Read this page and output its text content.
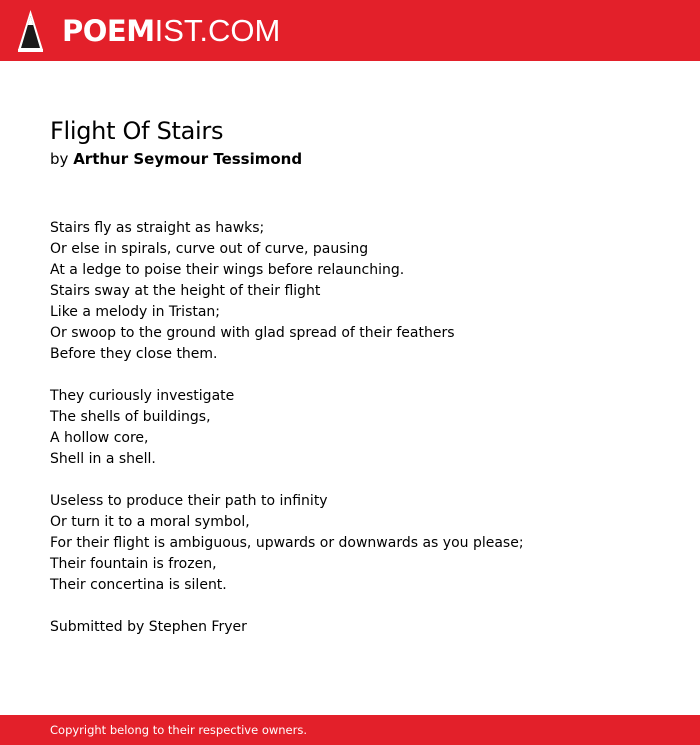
POEMIST.COM
Flight Of Stairs

by Arthur Seymour Tessimond

Stairs fly as straight as hawks;
Or else in spirals, curve out of curve, pausing
At a ledge to poise their wings before relaunching.
Stairs sway at the height of their flight
Like a melody in Tristan;
Or swoop to the ground with glad spread of their feathers
Before they close them.

They curiously investigate
The shells of buildings,
A hollow core,
Shell in a shell.

Useless to produce their path to infinity
Or turn it to a moral symbol,
For their flight is ambiguous, upwards or downwards as you please;
Their fountain is frozen,
Their concertina is silent.

Submitted by Stephen Fryer

Copyright belong to their respective owners.
